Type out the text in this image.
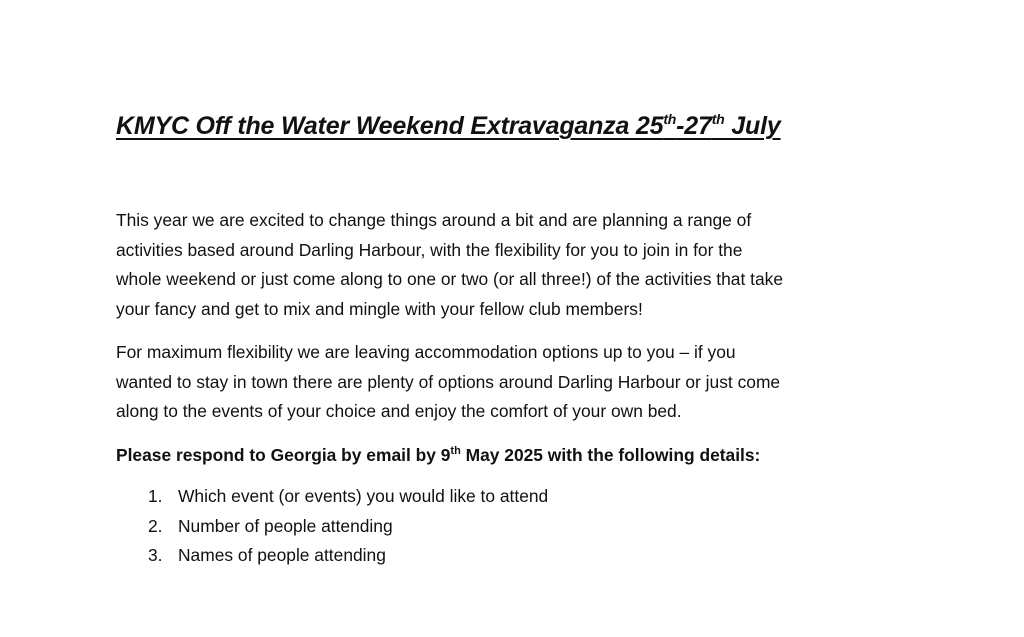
KMYC Off the Water Weekend Extravaganza 25th-27th July

This year we are excited to change things around a bit and are planning a range of
activities based around Darling Harbour, with the flexibility for you to join in for the
whole weekend or just come along to one or two (or all three!) of the activities that take
your fancy and get to mix and mingle with your fellow club members!

For maximum flexibility we are leaving accommodation options up to you – if you
wanted to stay in town there are plenty of options around Darling Harbour or just come
along to the events of your choice and enjoy the comfort of your own bed.

Please respond to Georgia by email by 9th May 2025 with the following details:

1. Which event (or events) you would like to attend
2. Number of people attending
3. Names of people attending
